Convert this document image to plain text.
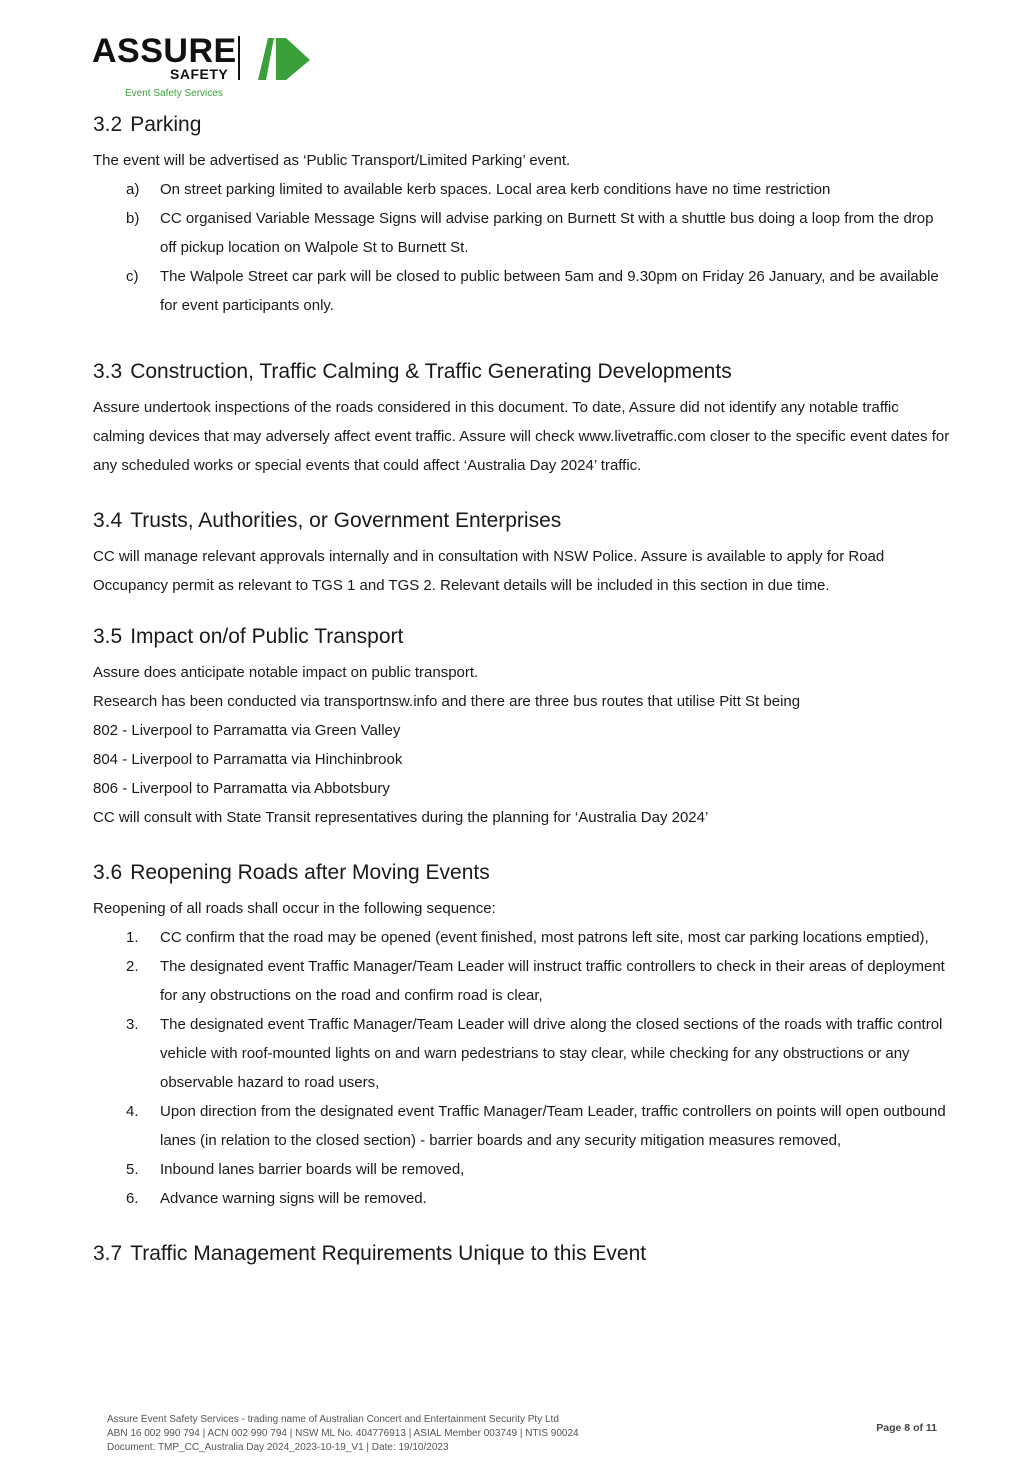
ASSURE
SAFETY
Event Safety Services
3.2 Parking

The event will be advertised as ‘Public Transport/Limited Parking’ event.

a) On street parking limited to available kerb spaces. Local area kerb conditions have no time restriction
b) CC organised Variable Message Signs will advise parking on Burnett St with a shuttle bus doing a loop from the drop off pickup location on Walpole St to Burnett St.
c) The Walpole Street car park will be closed to public between 5am and 9.30pm on Friday 26 January, and be available for event participants only.
3.3 Construction, Traffic Calming & Traffic Generating Developments

Assure undertook inspections of the roads considered in this document. To date, Assure did not identify any notable traffic calming devices that may adversely affect event traffic. Assure will check www.livetraffic.com closer to the specific event dates for any scheduled works or special events that could affect ‘Australia Day 2024’ traffic.

3.4 Trusts, Authorities, or Government Enterprises

CC will manage relevant approvals internally and in consultation with NSW Police. Assure is available to apply for Road Occupancy permit as relevant to TGS 1 and TGS 2. Relevant details will be included in this section in due time.

3.5 Impact on/of Public Transport

Assure does anticipate notable impact on public transport.

Research has been conducted via transportnsw.info and there are three bus routes that utilise Pitt St being

802 - Liverpool to Parramatta via Green Valley

804 - Liverpool to Parramatta via Hinchinbrook

806 - Liverpool to Parramatta via Abbotsbury

CC will consult with State Transit representatives during the planning for ‘Australia Day 2024’

3.6 Reopening Roads after Moving Events

Reopening of all roads shall occur in the following sequence:

1. CC confirm that the road may be opened (event finished, most patrons left site, most car parking locations emptied),
2. The designated event Traffic Manager/Team Leader will instruct traffic controllers to check in their areas of deployment for any obstructions on the road and confirm road is clear,
3. The designated event Traffic Manager/Team Leader will drive along the closed sections of the roads with traffic control vehicle with roof-mounted lights on and warn pedestrians to stay clear, while checking for any obstructions or any observable hazard to road users,
4. Upon direction from the designated event Traffic Manager/Team Leader, traffic controllers on points will open outbound lanes (in relation to the closed section) - barrier boards and any security mitigation measures removed,
5. Inbound lanes barrier boards will be removed,
6. Advance warning signs will be removed.
3.7 Traffic Management Requirements Unique to this Event
Assure Event Safety Services - trading name of Australian Concert and Entertainment Security Pty Ltd
ABN 16 002 990 794 | ACN 002 990 794 | NSW ML No. 404776913 | ASIAL Member 003749 | NTIS 90024
Document: TMP_CC_Australia Day 2024_2023-10-19_V1 | Date: 19/10/2023
Page 8 of 11
